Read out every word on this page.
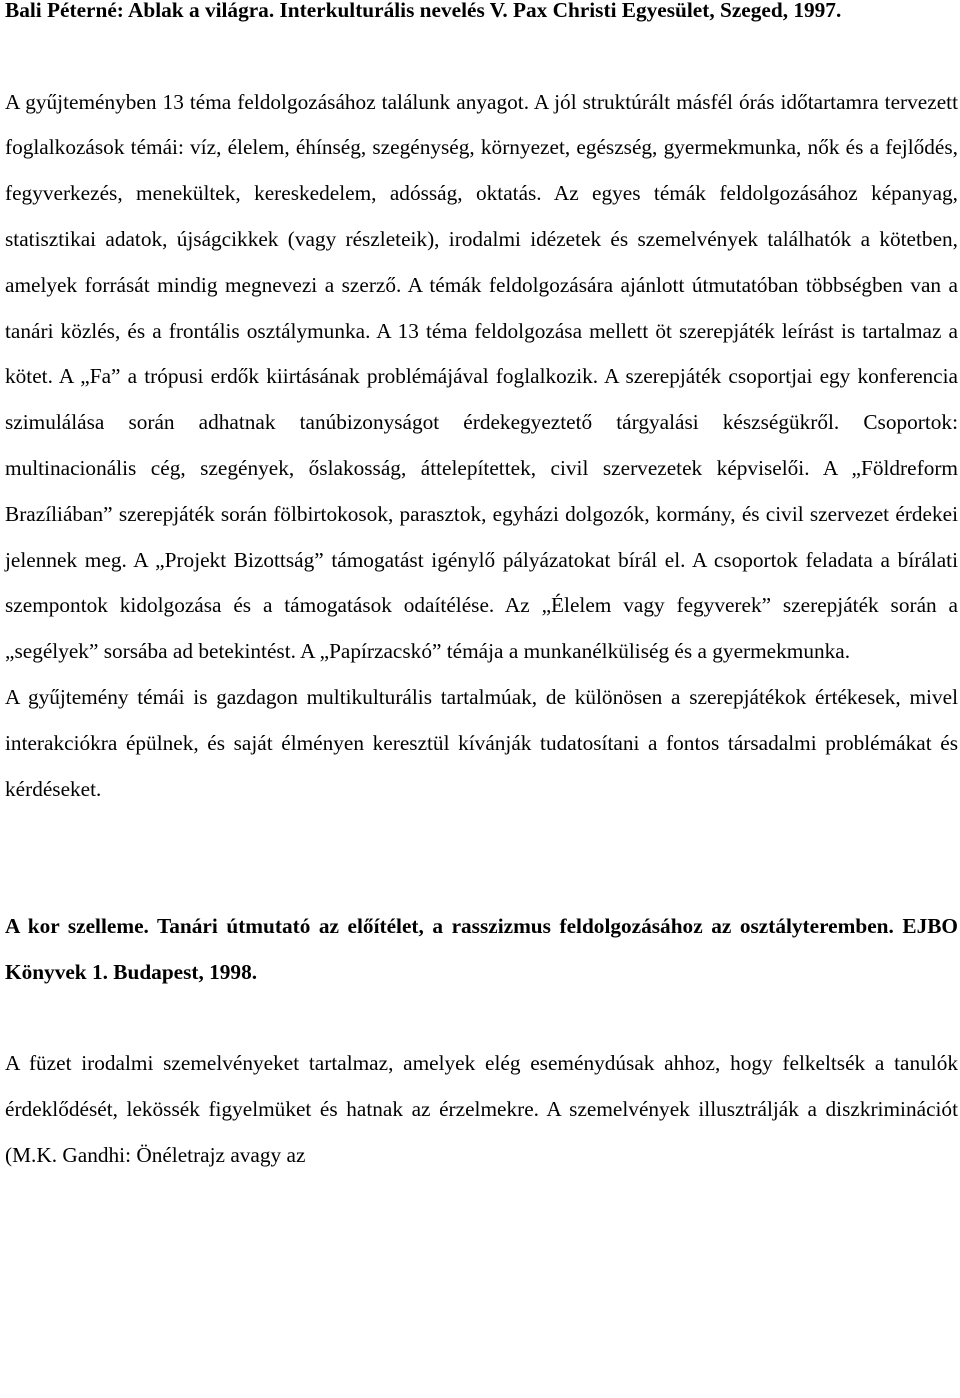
Bali Péterné: Ablak a világra. Interkulturális nevelés V. Pax Christi Egyesület, Szeged, 1997.

A gyűjteményben 13 téma feldolgozásához találunk anyagot. A jól struktúrált másfél órás időtartamra tervezett foglalkozások témái: víz, élelem, éhínség, szegénység, környezet, egészség, gyermekmunka, nők és a fejlődés, fegyverkezés, menekültek, kereskedelem, adósság, oktatás. Az egyes témák feldolgozásához képanyag, statisztikai adatok, újságcikkek (vagy részleteik), irodalmi idézetek és szemelvények találhatók a kötetben, amelyek forrását mindig megnevezi a szerző. A témák feldolgozására ajánlott útmutatóban többségben van a tanári közlés, és a frontális osztálymunka. A 13 téma feldolgozása mellett öt szerepjáték leírást is tartalmaz a kötet. A „Fa” a trópusi erdők kiirtásának problémájával foglalkozik. A szerepjáték csoportjai egy konferencia szimulálása során adhatnak tanúbizonyságot érdekegyeztető tárgyalási készségükről. Csoportok: multinacionális cég, szegények, őslakosság, áttelepítettek, civil szervezetek képviselői. A „Földreform Brazíliában” szerepjáték során fölbirtokosok, parasztok, egyházi dolgozók, kormány, és civil szervezet érdekei jelennek meg. A „Projekt Bizottság” támogatást igénylő pályázatokat bírál el. A csoportok feladata a bírálati szempontok kidolgozása és a támogatások odaítélése. Az „Élelem vagy fegyverek” szerepjáték során a „segélyek” sorsába ad betekintést. A „Papírzacskó” témája a munkanélküliség és a gyermekmunka.

A gyűjtemény témái is gazdagon multikulturális tartalmúak, de különösen a szerepjátékok értékesek, mivel interakciókra épülnek, és saját élményen keresztül kívánják tudatosítani a fontos társadalmi problémákat és kérdéseket.

A kor szelleme. Tanári útmutató az előítélet, a rasszizmus feldolgozásához az osztályteremben. EJBO Könyvek 1. Budapest, 1998.

A füzet irodalmi szemelvényeket tartalmaz, amelyek elég eseménydúsak ahhoz, hogy felkeltsék a tanulók érdeklődését, lekössék figyelmüket és hatnak az érzelmekre. A szemelvények illusztrálják a diszkriminációt (M.K. Gandhi: Önéletrajz avagy az
